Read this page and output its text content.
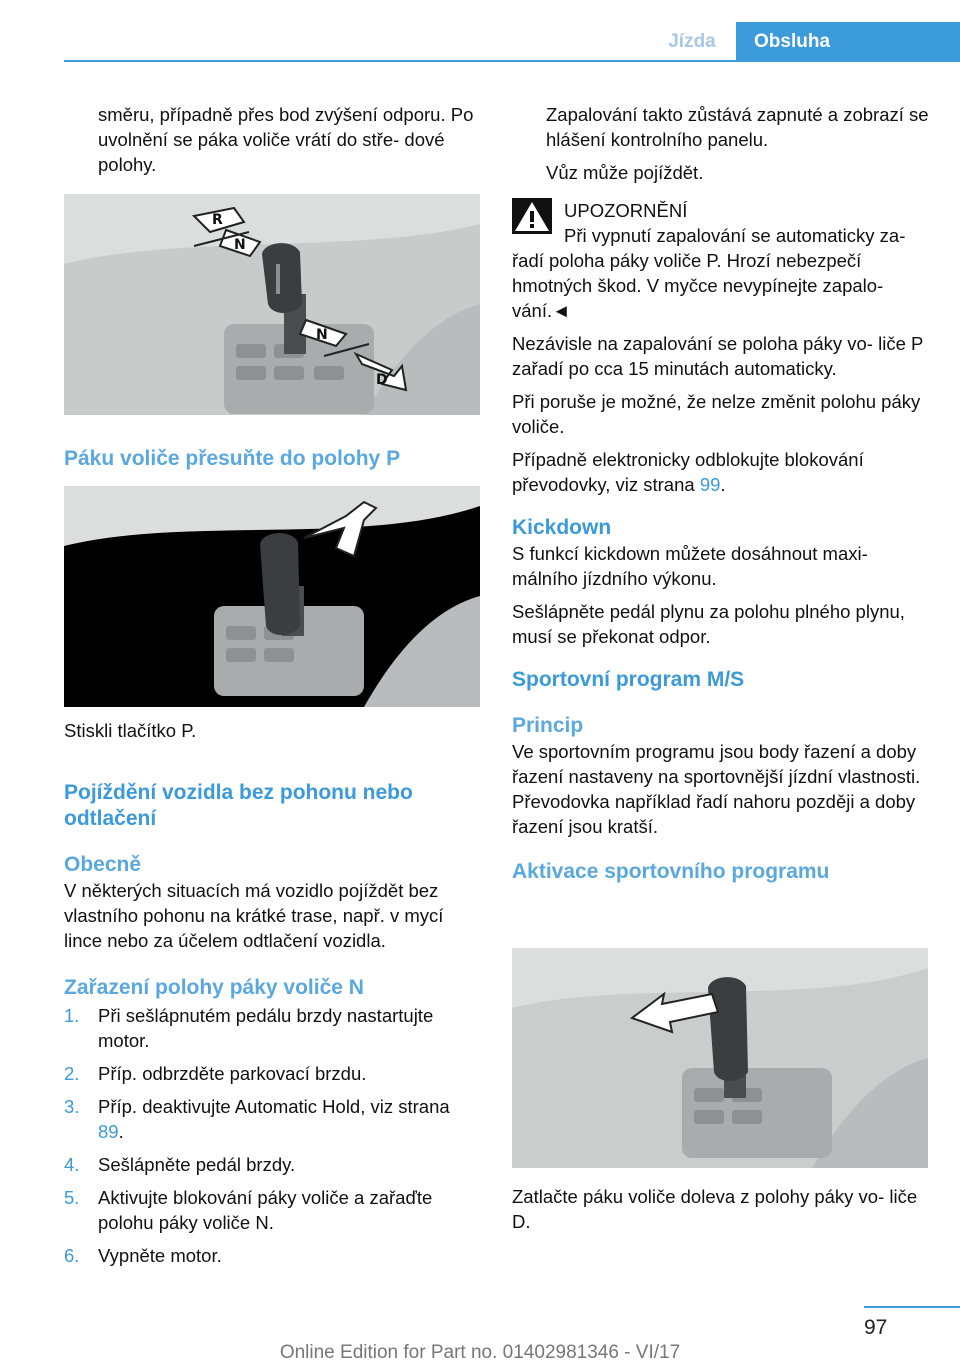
Jízda	Obsluha

směru, případně přes bod zvýšení odporu. Po uvolnění se páka voliče vrátí do stře- dové polohy.

R
N
N
D
Páku voliče přesuňte do polohy P

Stiskli tlačítko P.

Pojíždění vozidla bez pohonu nebo odtlačení
Obecně

V některých situacích má vozidlo pojíždět bez vlastního pohonu na krátké trase, např. v mycí lince nebo za účelem odtlačení vozidla.

Zařazení polohy páky voliče N
1. Při sešlápnutém pedálu brzdy nastartujte motor.
2. Příp. odbrzděte parkovací brzdu.
3. Příp. deaktivujte Automatic Hold, viz strana 89.
4. Sešlápněte pedál brzdy.
5. Aktivujte blokování páky voliče a zařaďte polohu páky voliče N.
6. Vypněte motor.

Zapalování takto zůstává zapnuté a zobrazí se hlášení kontrolního panelu.

Vůz může pojíždět.

UPOZORNĚNÍ
Při vypnutí zapalování se automaticky za- řadí poloha páky voliče P. Hrozí nebezpečí hmotných škod. V myčce nevypínejte zapalo- vání.◄

Nezávisle na zapalování se poloha páky vo- liče P zařadí po cca 15 minutách automaticky.

Při poruše je možné, že nelze změnit polohu páky voliče.

Případně elektronicky odblokujte blokování převodovky, viz strana 99.

Kickdown

S funkcí kickdown můžete dosáhnout maxi- málního jízdního výkonu.

Sešlápněte pedál plynu za polohu plného plynu, musí se překonat odpor.

Sportovní program M/S
Princip

Ve sportovním programu jsou body řazení a doby řazení nastaveny na sportovnější jízdní vlastnosti. Převodovka například řadí nahoru později a doby řazení jsou kratší.

Aktivace sportovního programu

Zatlačte páku voliče doleva z polohy páky vo- liče D.

97
Online Edition for Part no. 01402981346 - VI/17
